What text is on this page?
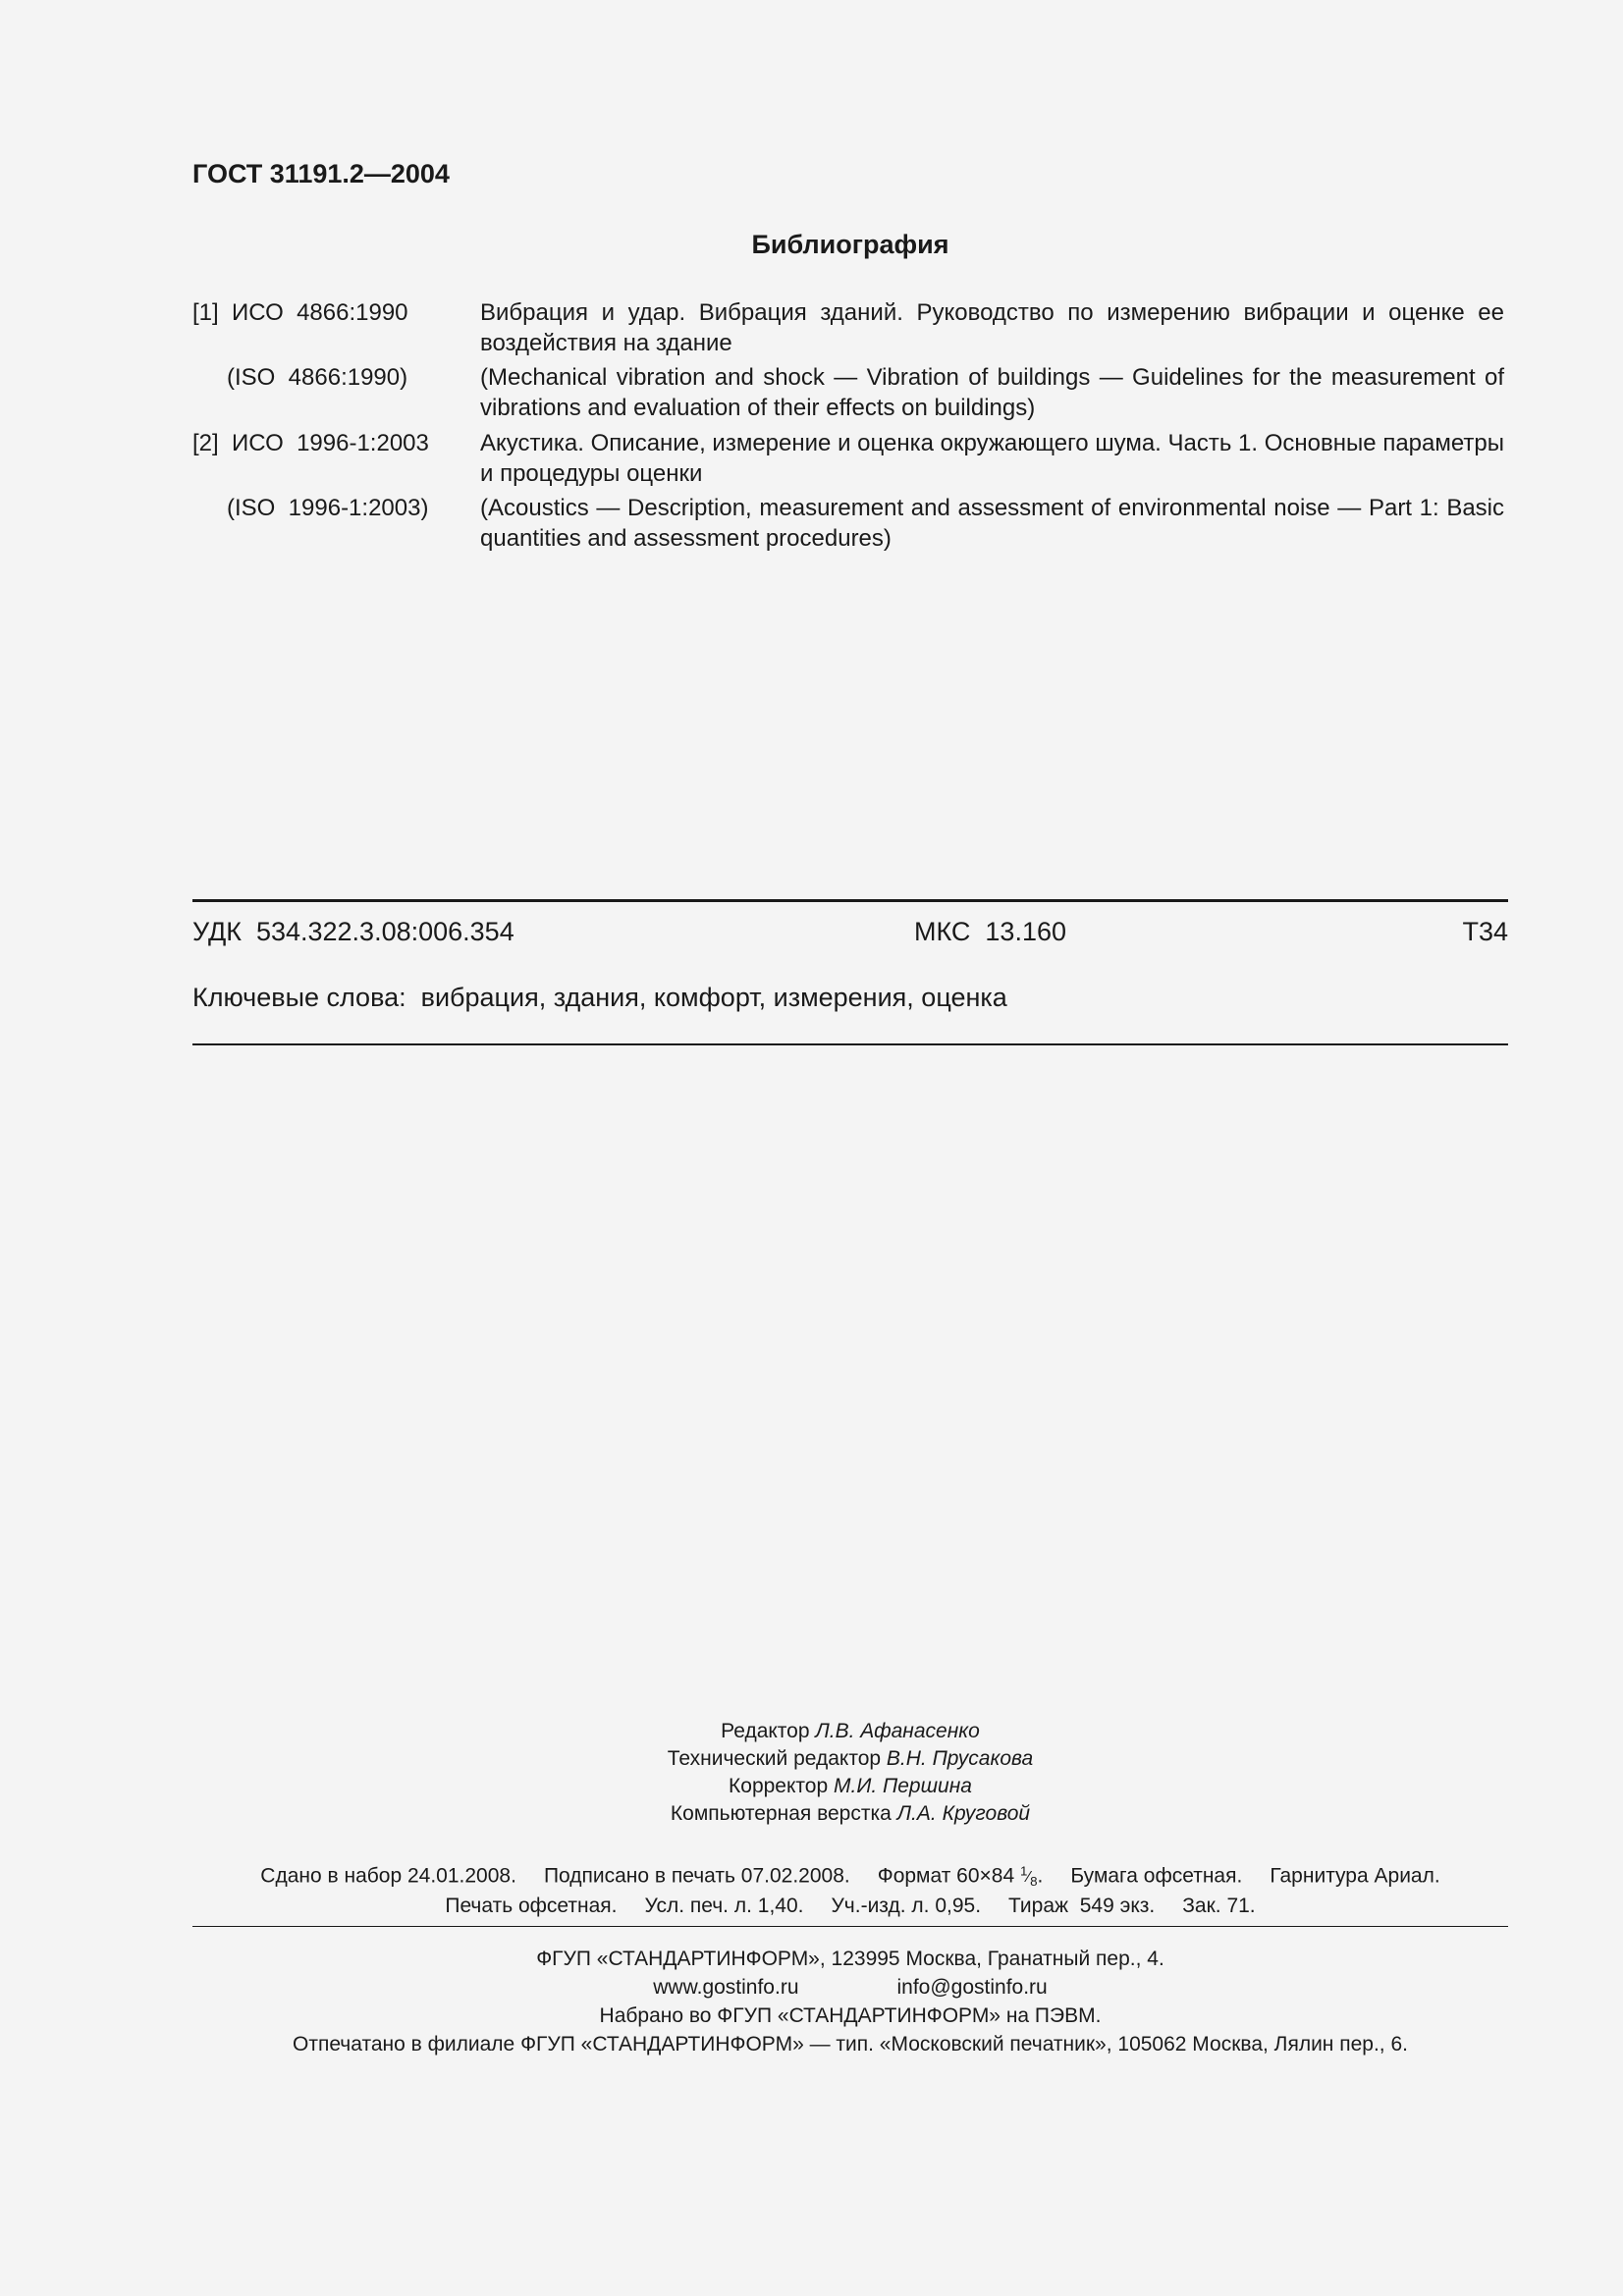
ГОСТ 31191.2—2004
Библиография
[1]  ИСО  4866:1990	Вибрация и удар. Вибрация зданий. Руководство по измерению вибрации и оценке ее воздействия на здание
(ISO  4866:1990)	(Mechanical vibration and shock — Vibration of buildings — Guidelines for the measurement of vibrations and evaluation of their effects on buildings)
[2]  ИСО  1996-1:2003 Акустика. Описание, измерение и оценка окружающего шума. Часть 1. Основные параметры и процедуры оценки
(ISO  1996-1:2003) (Acoustics — Description, measurement and assessment of environmental noise — Part 1: Basic quantities and assessment procedures)
УДК  534.322.3.08:006.354	МКС  13.160	Т34
Ключевые слова:  вибрация, здания, комфорт, измерения, оценка
Редактор Л.В. Афанасенко
Технический редактор В.Н. Прусакова
Корректор М.И. Першина
Компьютерная верстка Л.А. Круговой
Сдано в набор 24.01.2008. Подписано в печать 07.02.2008. Формат 60×84 $^1⁄_8$. Бумага офсетная. Гарнитура Ариал.
Печать офсетная. Усл. печ. л. 1,40. Уч.-изд. л. 0,95. Тираж  549 экз. Зак. 71.
ФГУП «СТАНДАРТИНФОРМ», 123995 Москва, Гранатный пер., 4.
www.gostinfo.ru	info@gostinfo.ru
Набрано во ФГУП «СТАНДАРТИНФОРМ» на ПЭВМ.
Отпечатано в филиале ФГУП «СТАНДАРТИНФОРМ» — тип. «Московский печатник», 105062 Москва, Лялин пер., 6.
